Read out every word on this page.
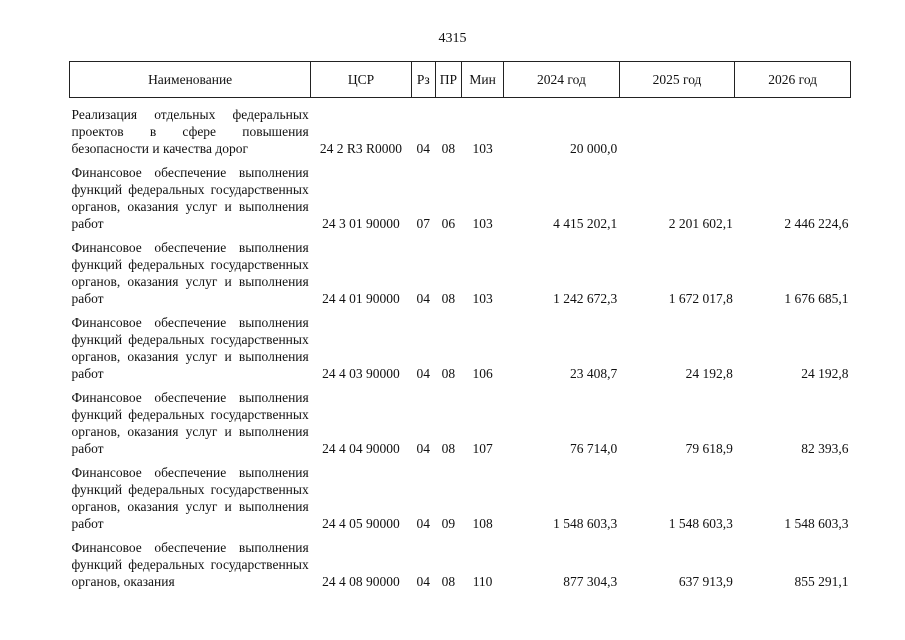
4315
Наименование	ЦСР	Рз	ПР	Мин	2024 год	2025 год	2026 год
Реализация отдельных федеральных проектов в сфере повышения безопасности и качества дорог	24 2 R3 R0000	04	08	103	20 000,0		
Финансовое обеспечение выполнения функций федеральных государственных органов, оказания услуг и выполнения работ	24 3 01 90000	07	06	103	4 415 202,1	2 201 602,1	2 446 224,6
Финансовое обеспечение выполнения функций федеральных государственных органов, оказания услуг и выполнения работ	24 4 01 90000	04	08	103	1 242 672,3	1 672 017,8	1 676 685,1
Финансовое обеспечение выполнения функций федеральных государственных органов, оказания услуг и выполнения работ	24 4 03 90000	04	08	106	23 408,7	24 192,8	24 192,8
Финансовое обеспечение выполнения функций федеральных государственных органов, оказания услуг и выполнения работ	24 4 04 90000	04	08	107	76 714,0	79 618,9	82 393,6
Финансовое обеспечение выполнения функций федеральных государственных органов, оказания услуг и выполнения работ	24 4 05 90000	04	09	108	1 548 603,3	1 548 603,3	1 548 603,3
Финансовое обеспечение выполнения функций федеральных государственных органов, оказания	24 4 08 90000	04	08	110	877 304,3	637 913,9	855 291,1
